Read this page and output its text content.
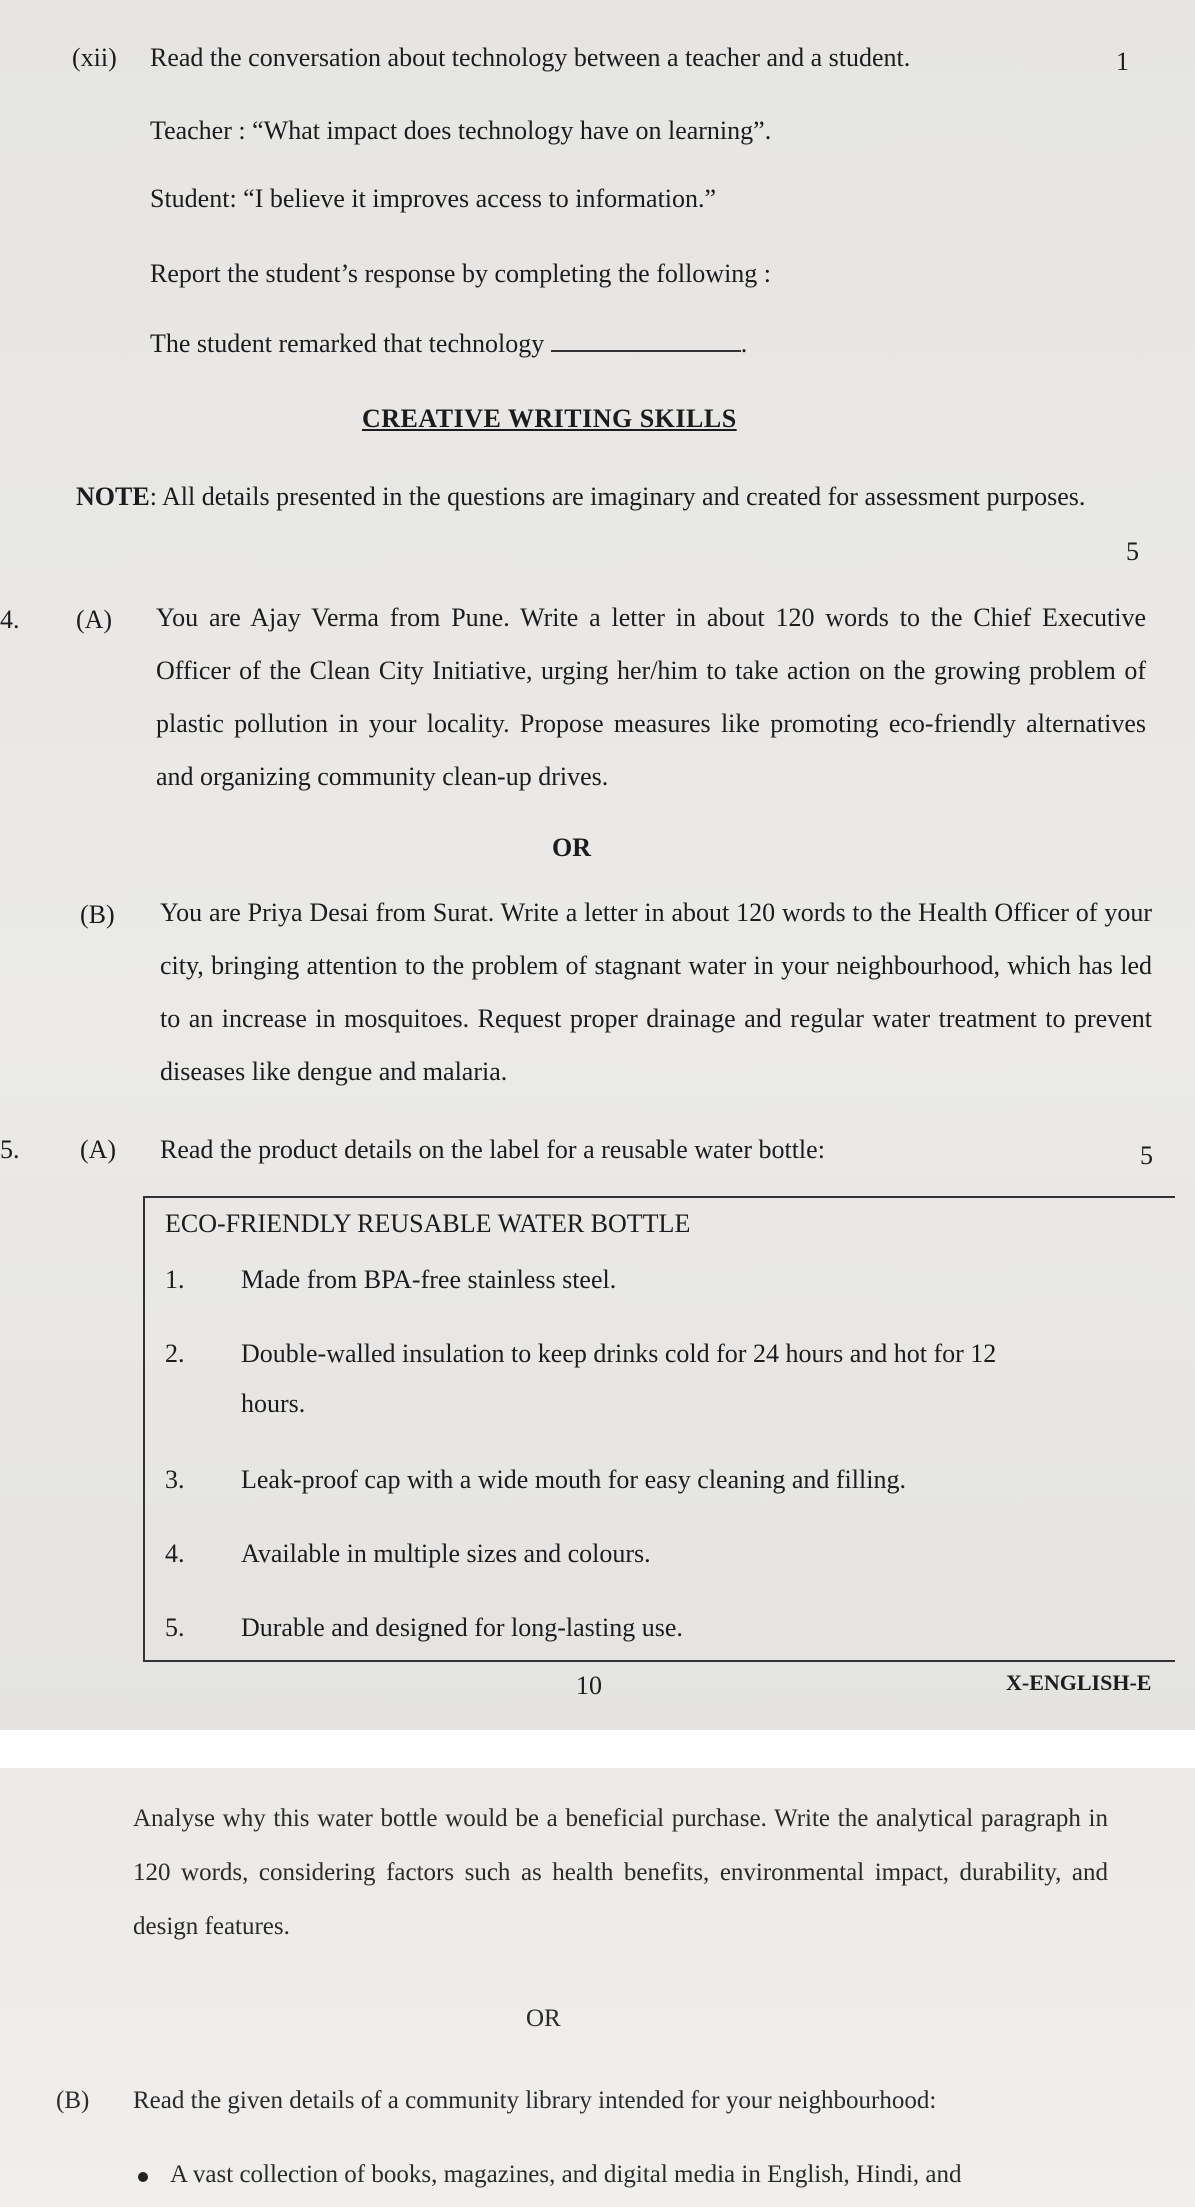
(xii) Read the conversation about technology between a teacher and a student.	1
Teacher : “What impact does technology have on learning”.
Student: “I believe it improves access to information.”
Report the student’s response by completing the following :
The student remarked that technology	.
CREATIVE WRITING SKILLS
NOTE: All details presented in the questions are imaginary and created for assessment purposes.
5
4. (A) You are Ajay Verma from Pune. Write a letter in about 120 words to the Chief Executive Officer of the Clean City Initiative, urging her/him to take action on the growing problem of plastic pollution in your locality. Propose measures like promoting eco-friendly alternatives and organizing community clean-up drives.
OR
(B) You are Priya Desai from Surat. Write a letter in about 120 words to the Health Officer of your city, bringing attention to the problem of stagnant water in your neighbourhood, which has led to an increase in mosquitoes. Request proper drainage and regular water treatment to prevent diseases like dengue and malaria.
5. (A) Read the product details on the label for a reusable water bottle:	5
ECO-FRIENDLY REUSABLE WATER BOTTLE
1. Made from BPA-free stainless steel.
2. Double-walled insulation to keep drinks cold for 24 hours and hot for 12
hours.
3. Leak-proof cap with a wide mouth for easy cleaning and filling.
4. Available in multiple sizes and colours.
5. Durable and designed for long-lasting use.
10	X-ENGLISH-E
Analyse why this water bottle would be a beneficial purchase. Write the analytical paragraph in 120 words, considering factors such as health benefits, environmental impact, durability, and design features.
OR
(B) Read the given details of a community library intended for your neighbourhood:
A vast collection of books, magazines, and digital media in English, Hindi, and
